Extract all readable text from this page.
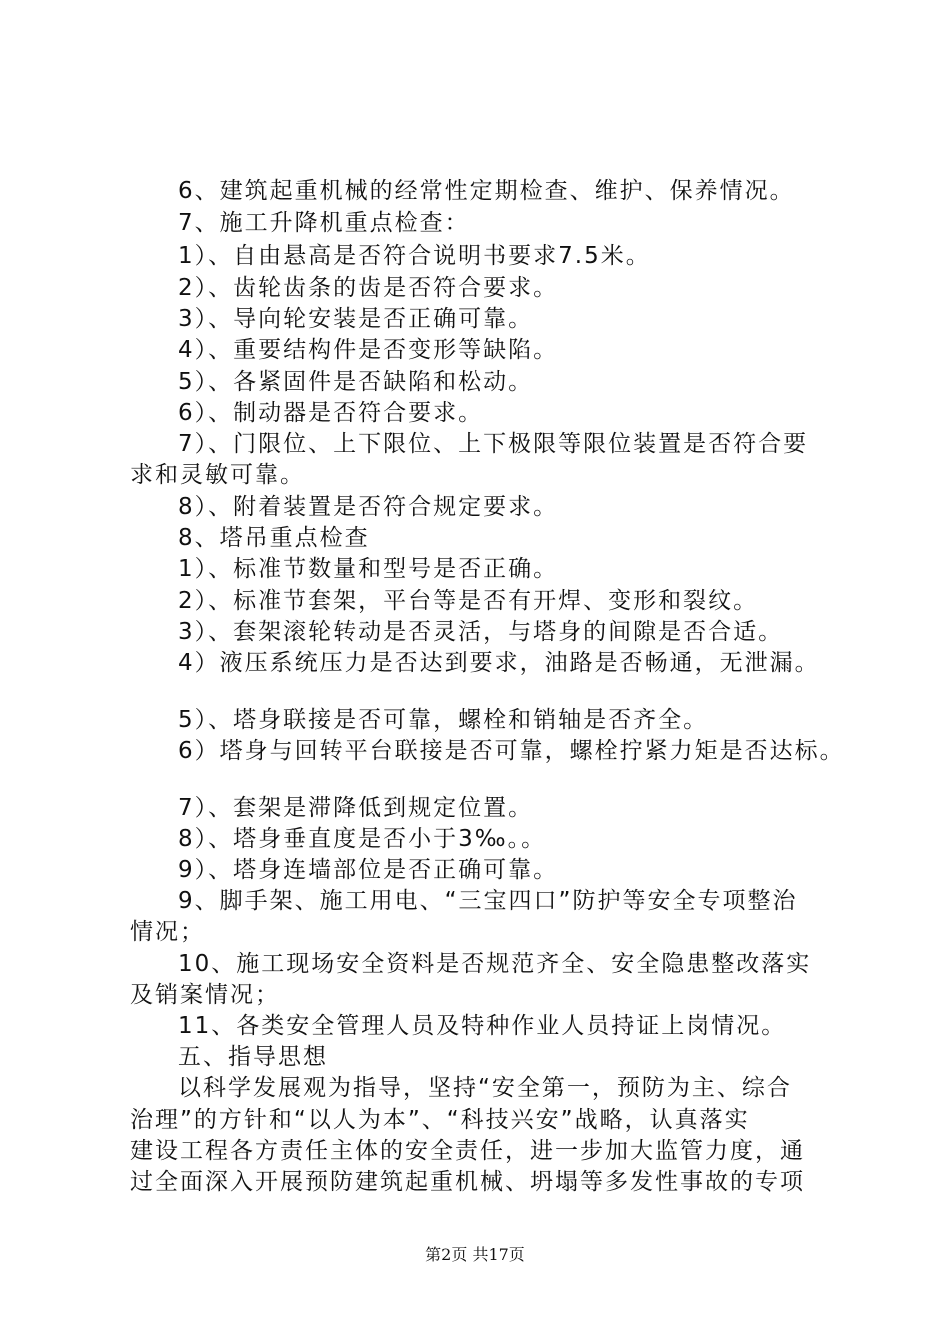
6、建筑起重机械的经常性定期检查、维护、保养情况。
7、施工升降机重点检查：
1）、自由悬高是否符合说明书要求7.5米。
2）、齿轮齿条的齿是否符合要求。
3）、导向轮安装是否正确可靠。
4）、重要结构件是否变形等缺陷。
5）、各紧固件是否缺陷和松动。
6）、制动器是否符合要求。
7）、门限位、上下限位、上下极限等限位装置是否符合要
求和灵敏可靠。
8）、附着装置是否符合规定要求。
8、塔吊重点检查
1）、标准节数量和型号是否正确。
2）、标准节套架，平台等是否有开焊、变形和裂纹。
3）、套架滚轮转动是否灵活，与塔身的间隙是否合适。
4）液压系统压力是否达到要求，油路是否畅通，无泄漏。
5）、塔身联接是否可靠，螺栓和销轴是否齐全。
6）塔身与回转平台联接是否可靠，螺栓拧紧力矩是否达标。
7）、套架是滞降低到规定位置。
8）、塔身垂直度是否小于3‰。。
9）、塔身连墙部位是否正确可靠。
9、脚手架、施工用电、“三宝四口”防护等安全专项整治
情况；
10、施工现场安全资料是否规范齐全、安全隐患整改落实
及销案情况；
11、各类安全管理人员及特种作业人员持证上岗情况。
五、指导思想
以科学发展观为指导，坚持“安全第一，预防为主、综合
治理”的方针和“以人为本”、“科技兴安”战略，认真落实
建设工程各方责任主体的安全责任，进一步加大监管力度，通
过全面深入开展预防建筑起重机械、坍塌等多发性事故的专项
第2页 共17页
